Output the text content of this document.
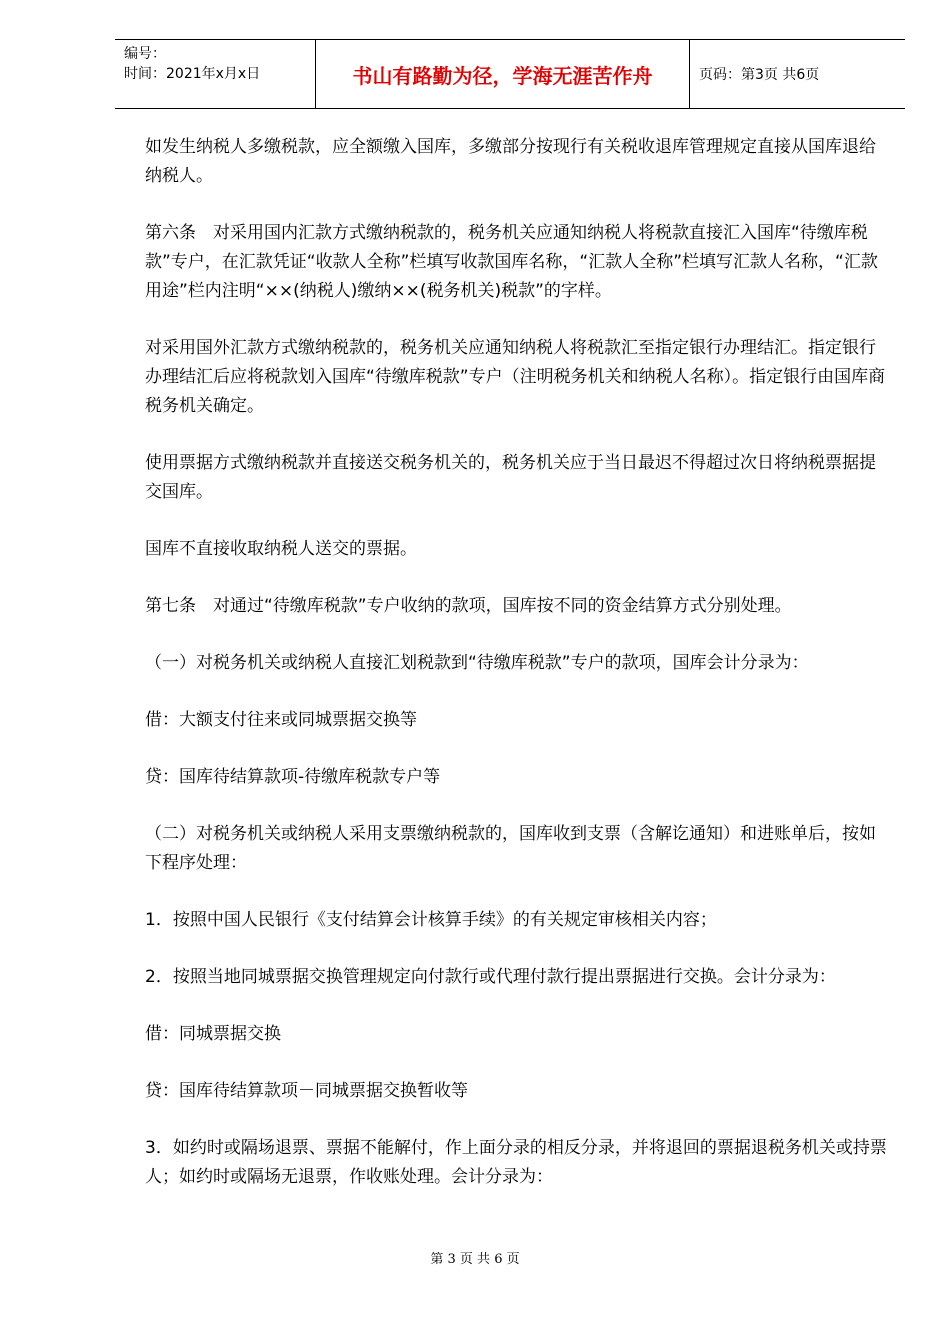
编号：
时间：2021年x月x日	书山有路勤为径，学海无涯苦作舟	页码：第3页 共6页

如发生纳税人多缴税款，应全额缴入国库，多缴部分按现行有关税收退库管理规定直接从国库退给纳税人。

第六条　对采用国内汇款方式缴纳税款的，税务机关应通知纳税人将税款直接汇入国库“待缴库税款”专户，在汇款凭证“收款人全称”栏填写收款国库名称，“汇款人全称”栏填写汇款人名称，“汇款用途”栏内注明“××(纳税人)缴纳××(税务机关)税款”的字样。

对采用国外汇款方式缴纳税款的，税务机关应通知纳税人将税款汇至指定银行办理结汇。指定银行办理结汇后应将税款划入国库“待缴库税款”专户（注明税务机关和纳税人名称）。指定银行由国库商税务机关确定。

使用票据方式缴纳税款并直接送交税务机关的，税务机关应于当日最迟不得超过次日将纳税票据提交国库。

国库不直接收取纳税人送交的票据。

第七条　对通过“待缴库税款”专户收纳的款项，国库按不同的资金结算方式分别处理。

（一）对税务机关或纳税人直接汇划税款到“待缴库税款”专户的款项，国库会计分录为：

借：大额支付往来或同城票据交换等

贷：国库待结算款项-待缴库税款专户等

（二）对税务机关或纳税人采用支票缴纳税款的，国库收到支票（含解讫通知）和进账单后，按如下程序处理：

1．按照中国人民银行《支付结算会计核算手续》的有关规定审核相关内容；

2．按照当地同城票据交换管理规定向付款行或代理付款行提出票据进行交换。会计分录为：

借：同城票据交换

贷：国库待结算款项－同城票据交换暂收等

3．如约时或隔场退票、票据不能解付，作上面分录的相反分录，并将退回的票据退税务机关或持票人；如约时或隔场无退票，作收账处理。会计分录为：

第 3 页 共 6 页
